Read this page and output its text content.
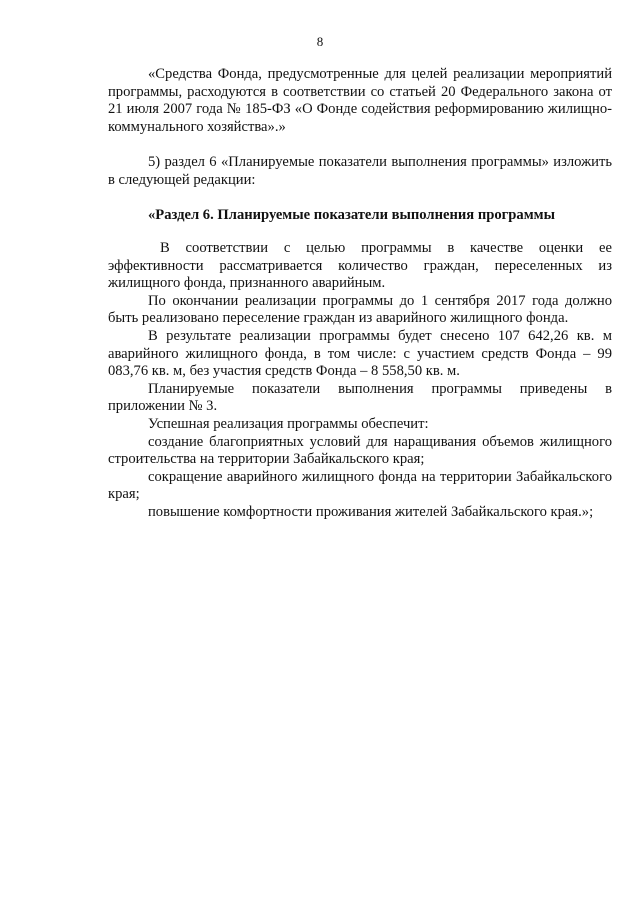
8

«Средства Фонда, предусмотренные для целей реализации мероприятий программы, расходуются в соответствии со статьей 20 Федерального закона от 21 июля 2007 года № 185-ФЗ «О Фонде содействия реформированию жилищно-коммунального хозяйства».»

5) раздел 6 «Планируемые показатели выполнения программы» изложить в следующей редакции:

«Раздел 6. Планируемые показатели выполнения программы

В соответствии с целью программы в качестве оценки ее эффективности рассматривается количество граждан, переселенных из жилищного фонда, признанного аварийным.

По окончании реализации программы до 1 сентября 2017 года должно быть реализовано переселение граждан из аварийного жилищного фонда.

В результате реализации программы будет снесено 107 642,26 кв. м аварийного жилищного фонда, в том числе: с участием средств Фонда – 99 083,76 кв. м, без участия средств Фонда – 8 558,50 кв. м.

Планируемые показатели выполнения программы приведены в приложении № 3.

Успешная реализация программы обеспечит:

создание благоприятных условий для наращивания объемов жилищного строительства на территории Забайкальского края;

сокращение аварийного жилищного фонда на территории Забайкальского края;

повышение комфортности проживания жителей Забайкальского края.»;
